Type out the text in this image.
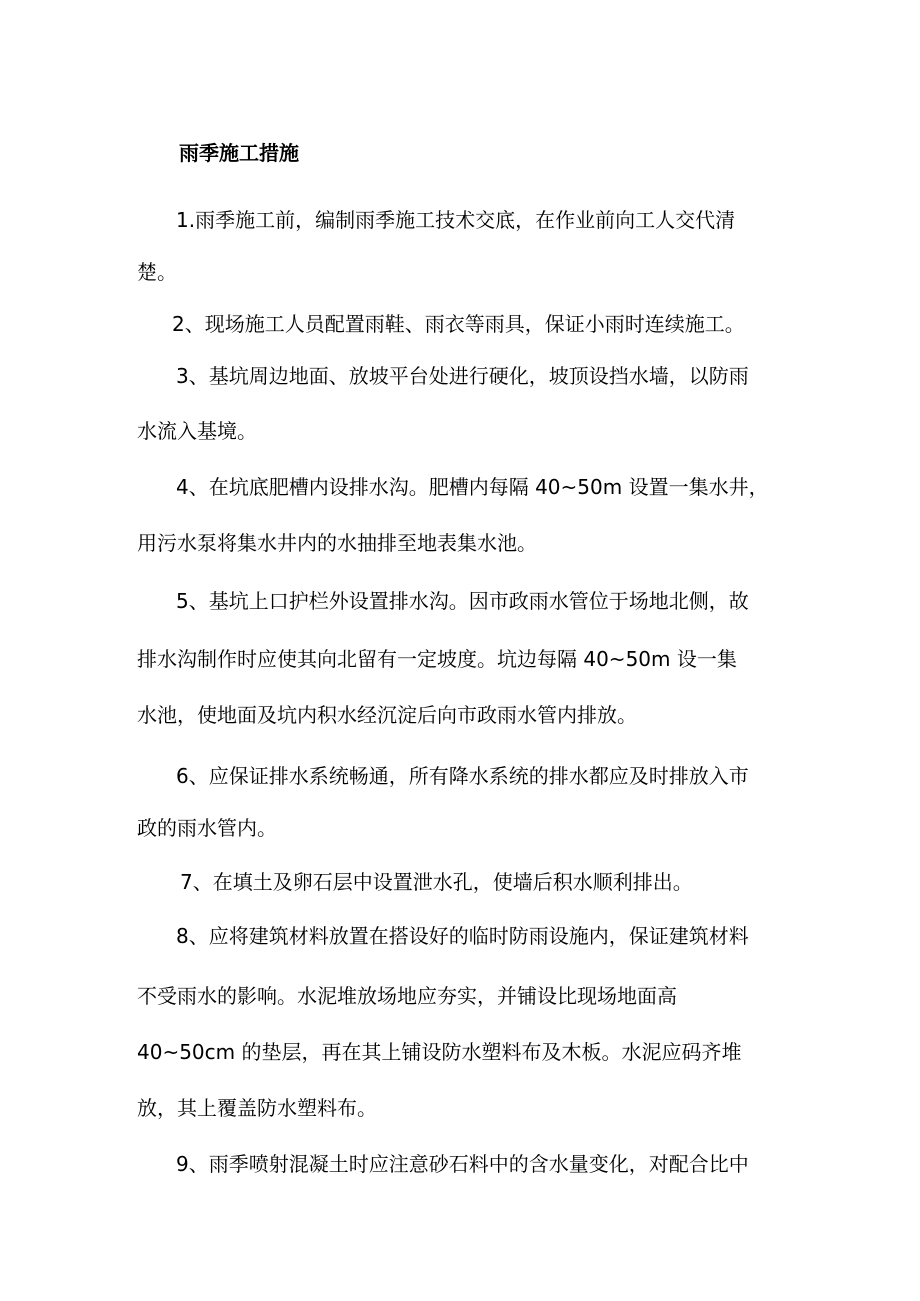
雨季施工措施
1.雨季施工前，编制雨季施工技术交底，在作业前向工人交代清
楚。
2、现场施工人员配置雨鞋、雨衣等雨具，保证小雨时连续施工。
3、基坑周边地面、放坡平台处进行硬化，坡顶设挡水墙，以防雨
水流入基境。
4、在坑底肥槽内设排水沟。肥槽内每隔 40~50m 设置一集水井，
用污水泵将集水井内的水抽排至地表集水池。
5、基坑上口护栏外设置排水沟。因市政雨水管位于场地北侧，故
排水沟制作时应使其向北留有一定坡度。坑边每隔 40~50m 设一集
水池，使地面及坑内积水经沉淀后向市政雨水管内排放。
6、应保证排水系统畅通，所有降水系统的排水都应及时排放入市
政的雨水管内。
7、在填土及卵石层中设置泄水孔，使墙后积水顺利排出。
8、应将建筑材料放置在搭设好的临时防雨设施内，保证建筑材料
不受雨水的影响。水泥堆放场地应夯实，并铺设比现场地面高
40~50cm 的垫层，再在其上铺设防水塑料布及木板。水泥应码齐堆
放，其上覆盖防水塑料布。
9、雨季喷射混凝土时应注意砂石料中的含水量变化，对配合比中
